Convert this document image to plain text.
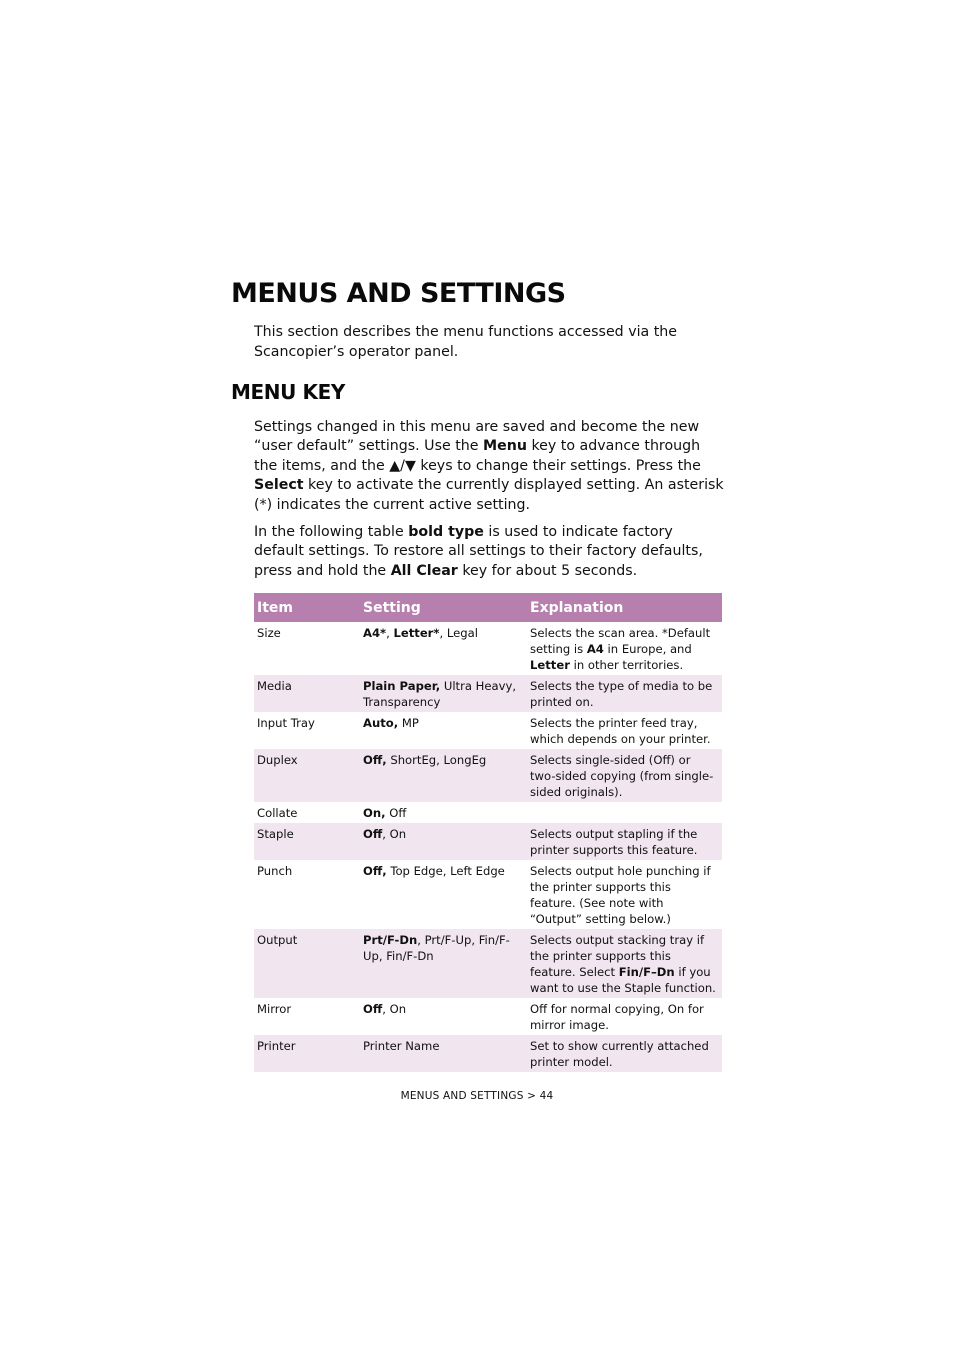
MENUS AND SETTINGS

This section describes the menu functions accessed via the Scancopier’s operator panel.

MENU KEY

Settings changed in this menu are saved and become the new “user default” settings. Use the Menu key to advance through the items, and the ▲/▼ keys to change their settings. Press the Select key to activate the currently displayed setting. An asterisk (*) indicates the current active setting.

In the following table bold type is used to indicate factory default settings. To restore all settings to their factory defaults, press and hold the All Clear key for about 5 seconds.

Item	Setting	Explanation
Size	A4*, Letter*, Legal	Selects the scan area. *Default setting is A4 in Europe, and Letter in other territories.
Media	Plain Paper, Ultra Heavy, Transparency	Selects the type of media to be printed on.
Input Tray	Auto, MP	Selects the printer feed tray, which depends on your printer.
Duplex	Off, ShortEg, LongEg	Selects single-sided (Off) or two-sided copying (from single-sided originals).
Collate	On, Off	
Staple	Off, On	Selects output stapling if the printer supports this feature.
Punch	Off, Top Edge, Left Edge	Selects output hole punching if the printer supports this feature. (See note with “Output” setting below.)
Output	Prt/F-Dn, Prt/F-Up, Fin/F-Up, Fin/F-Dn	Selects output stacking tray if the printer supports this feature. Select Fin/F–Dn if you want to use the Staple function.
Mirror	Off, On	Off for normal copying, On for mirror image.
Printer	Printer Name	Set to show currently attached printer model.
MENUS AND SETTINGS > 44
